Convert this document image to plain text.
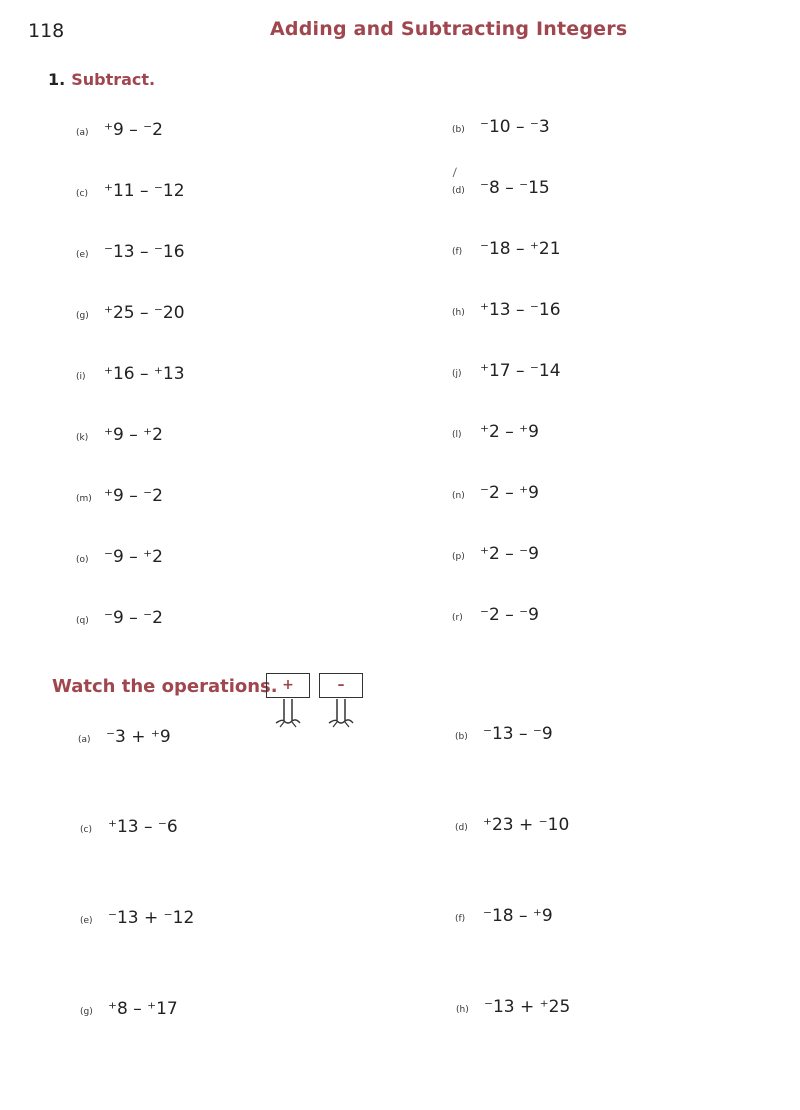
118	Adding and Subtracting Integers
1. Subtract.
(a) ⁺9 – ⁻2	(b) ⁻10 – ⁻3
(c) ⁺11 – ⁻12	(d) ⁻8 – ⁻15
(e) ⁻13 – ⁻16	(f)	⁻18 – ⁺21
(g) ⁺25 – ⁻20	(h) ⁺13 – ⁻16
(i)	⁺16 – ⁺13	(j)	⁺17 – ⁻14
(k) ⁺9 – ⁺2	(l)	⁺2 – ⁺9
(m) ⁺9 – ⁻2	(n) ⁻2 – ⁺9
(o) ⁻9 – ⁺2	(p) ⁺2 – ⁻9
(q) ⁻9 – ⁻2	(r)	⁻2 – ⁻9
|
Watch the operations. +	–
(a) ⁻3 + ⁺9	(b) ⁻13 – ⁻9
(c) ⁺13 – ⁻6	(d) ⁺23 + ⁻10
(e) ⁻13 + ⁻12	(f)	⁻18 – ⁺9
(g) ⁺8 – ⁺17	(h) ⁻13 + ⁺25
